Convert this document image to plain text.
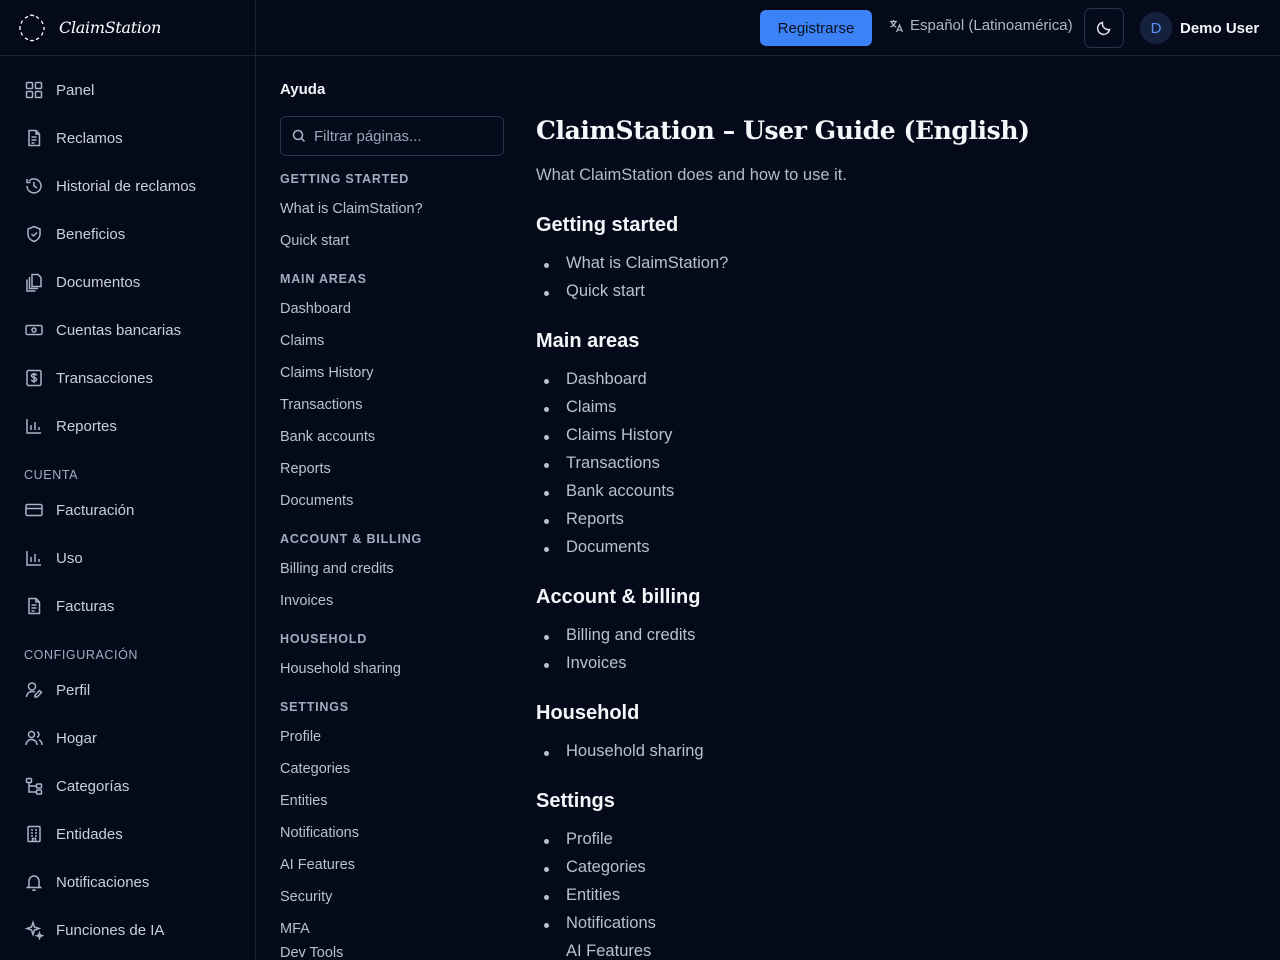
ClaimStation
Panel
Reclamos
Historial de reclamos
Beneficios
Documentos
Cuentas bancarias
Transacciones
Reportes
CUENTA
Facturación
Uso
Facturas
CONFIGURACIÓN
Perfil
Hogar
Categorías
Entidades
Notificaciones
Funciones de IA
Registrarse	Español (Latinoamérica)	D	Demo User
Ayuda
Filtrar páginas...
GETTING STARTED
What is ClaimStation?
Quick start
MAIN AREAS
Dashboard
Claims
Claims History
Transactions
Bank accounts
Reports
Documents
ACCOUNT & BILLING
Billing and credits
Invoices
HOUSEHOLD
Household sharing
SETTINGS
Profile
Categories
Entities
Notifications
AI Features
Security
MFA
Dev Tools
ClaimStation – User Guide (English)
What ClaimStation does and how to use it.
Getting started
What is ClaimStation?
Quick start
Main areas
Dashboard
Claims
Claims History
Transactions
Bank accounts
Reports
Documents
Account & billing
Billing and credits
Invoices
Household
Household sharing
Settings
Profile
Categories
Entities
Notifications
AI Features
